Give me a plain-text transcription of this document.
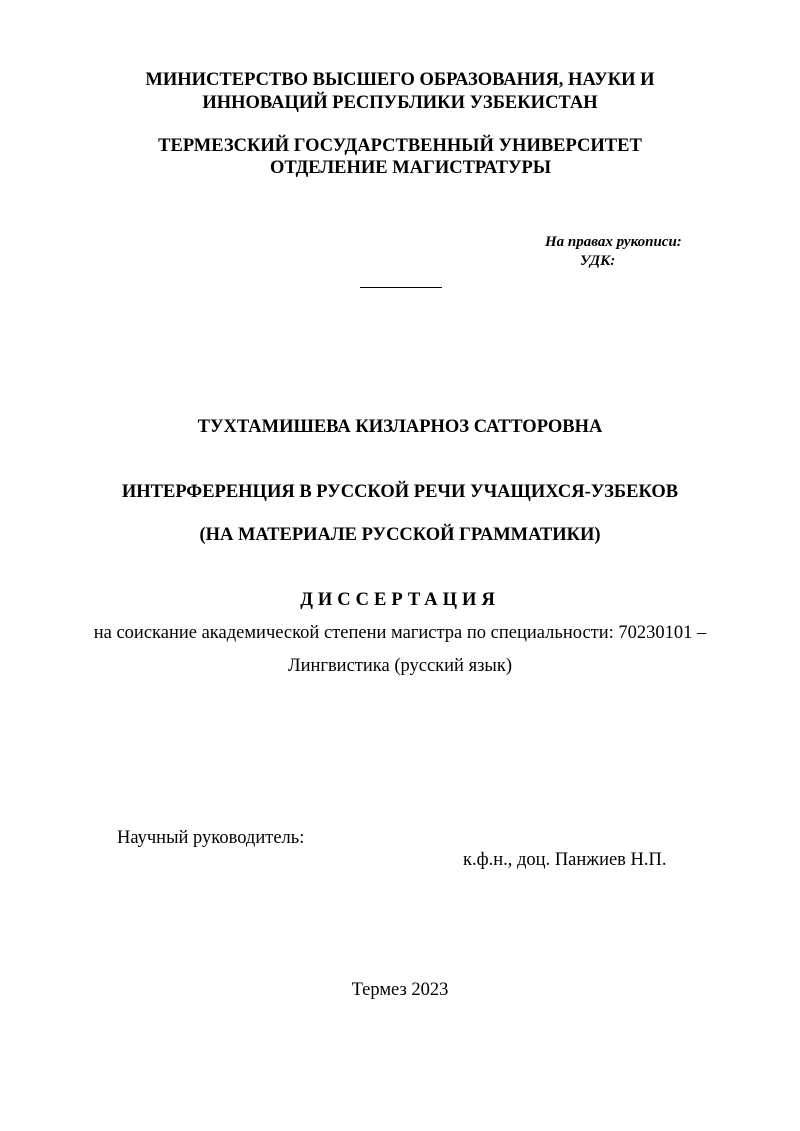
МИНИСТЕРСТВО ВЫСШЕГО ОБРАЗОВАНИЯ, НАУКИ И
ИННОВАЦИЙ РЕСПУБЛИКИ УЗБЕКИСТАН
ТЕРМЕЗСКИЙ ГОСУДАРСТВЕННЫЙ УНИВЕРСИТЕТ
ОТДЕЛЕНИЕ МАГИСТРАТУРЫ
На правах рукописи:
УДК:
ТУХТАМИШЕВА КИЗЛАРНОЗ САТТОРОВНА
ИНТЕРФЕРЕНЦИЯ В РУССКОЙ РЕЧИ УЧАЩИХСЯ-УЗБЕКОВ
(НА МАТЕРИАЛЕ РУССКОЙ ГРАММАТИКИ)
ДИССЕРТАЦИЯ
на соискание академической степени магистра по специальности: 70230101 –
Лингвистика (русский язык)
Научный руководитель:
к.ф.н., доц. Панжиев Н.П.
Термез 2023
